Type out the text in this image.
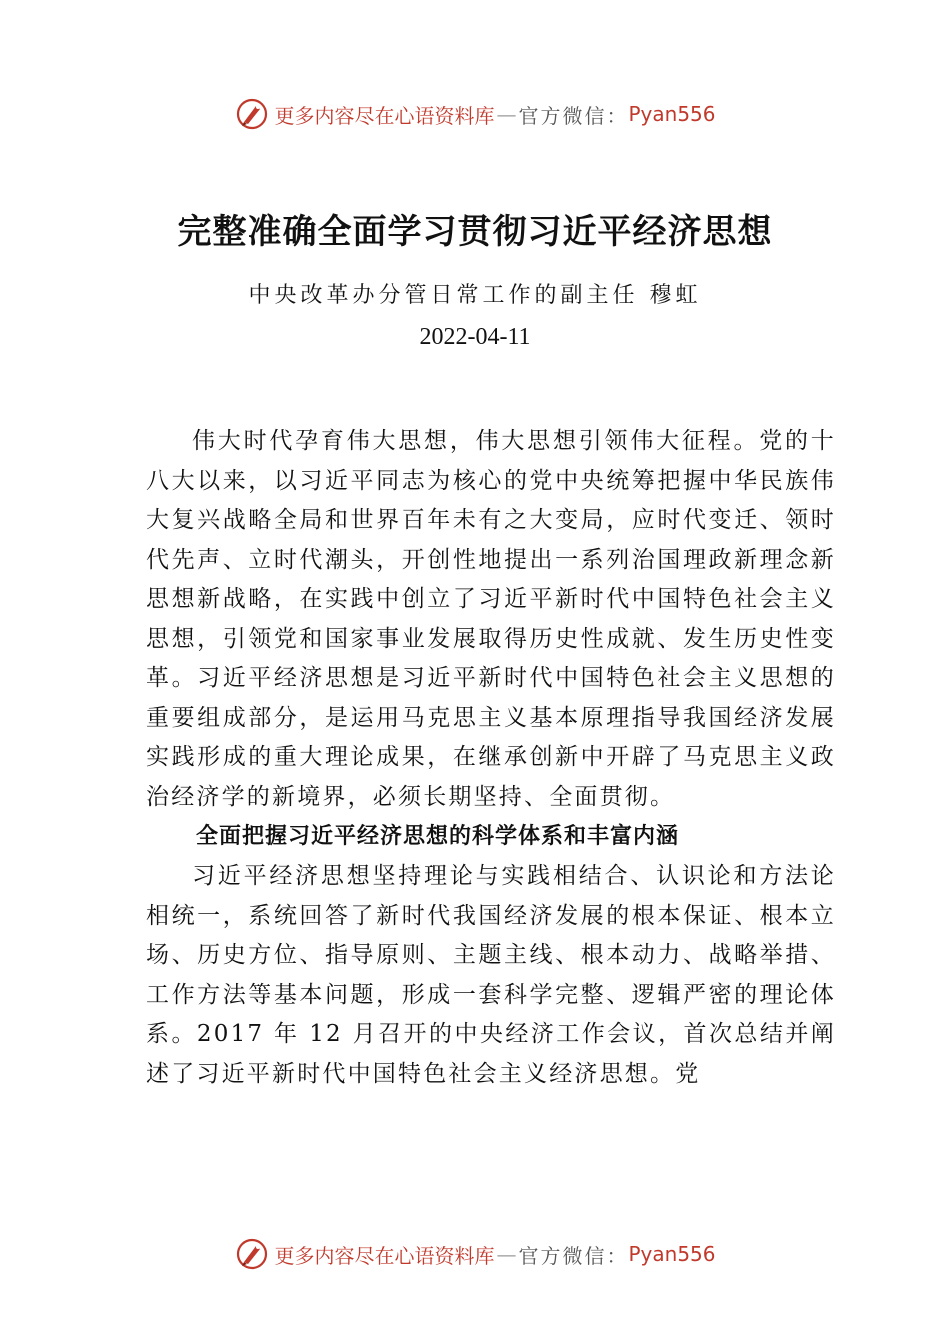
更多内容尽在心语资料库 — 官方微信： Pyan556
完整准确全面学习贯彻习近平经济思想
中央改革办分管日常工作的副主任 穆虹
2022-04-11

伟大时代孕育伟大思想，伟大思想引领伟大征程。党的十八大以来，以习近平同志为核心的党中央统筹把握中华民族伟大复兴战略全局和世界百年未有之大变局，应时代变迁、领时代先声、立时代潮头，开创性地提出一系列治国理政新理念新思想新战略，在实践中创立了习近平新时代中国特色社会主义思想，引领党和国家事业发展取得历史性成就、发生历史性变革。习近平经济思想是习近平新时代中国特色社会主义思想的重要组成部分，是运用马克思主义基本原理指导我国经济发展实践形成的重大理论成果，在继承创新中开辟了马克思主义政治经济学的新境界，必须长期坚持、全面贯彻。

全面把握习近平经济思想的科学体系和丰富内涵

习近平经济思想坚持理论与实践相结合、认识论和方法论相统一，系统回答了新时代我国经济发展的根本保证、根本立场、历史方位、指导原则、主题主线、根本动力、战略举措、工作方法等基本问题，形成一套科学完整、逻辑严密的理论体系。2017 年 12 月召开的中央经济工作会议，首次总结并阐述了习近平新时代中国特色社会主义经济思想。党

更多内容尽在心语资料库 — 官方微信： Pyan556
